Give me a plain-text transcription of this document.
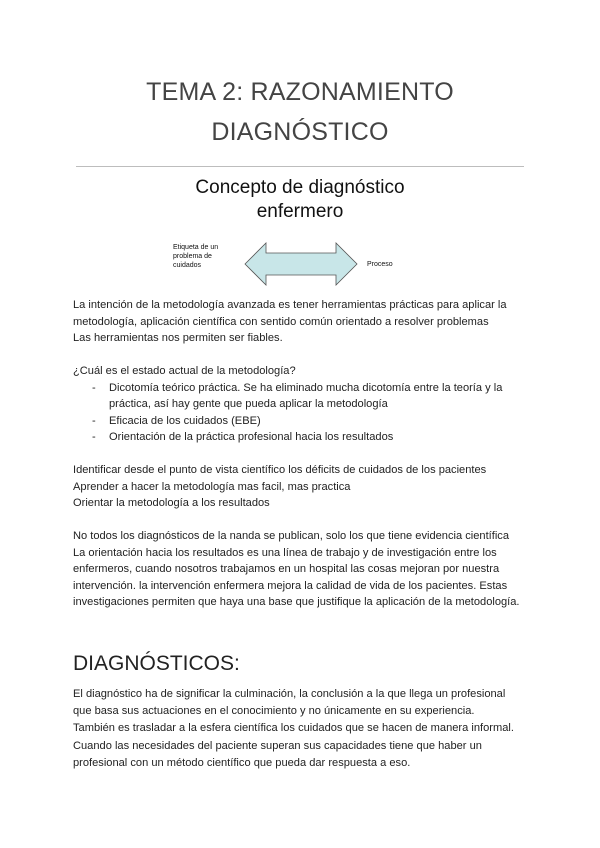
TEMA 2: RAZONAMIENTO
DIAGNÓSTICO
Concepto de diagnóstico
enfermero
Etiqueta de un
problema de
cuidados	Proceso

La intención de la metodología avanzada es tener herramientas prácticas para aplicar la

metodología, aplicación científica con sentido común orientado a resolver problemas

Las herramientas nos permiten ser fiables.

¿Cuál es el estado actual de la metodología?

- Dicotomía teórico práctica. Se ha eliminado mucha dicotomía entre la teoría y la
práctica, así hay gente que pueda aplicar la metodología
- Eficacia de los cuidados (EBE)
- Orientación de la práctica profesional hacia los resultados

Identificar desde el punto de vista científico los déficits de cuidados de los pacientes

Aprender a hacer la metodología mas facil, mas practica

Orientar la metodología a los resultados

No todos los diagnósticos de la nanda se publican, solo los que tiene evidencia científica

La orientación hacia los resultados es una línea de trabajo y de investigación entre los

enfermeros, cuando nosotros trabajamos en un hospital las cosas mejoran por nuestra

intervención. la intervención enfermera mejora la calidad de vida de los pacientes. Estas

investigaciones permiten que haya una base que justifique la aplicación de la metodología.

DIAGNÓSTICOS:

El diagnóstico ha de significar la culminación, la conclusión a la que llega un profesional

que basa sus actuaciones en el conocimiento y no únicamente en su experiencia.

También es trasladar a la esfera científica los cuidados que se hacen de manera informal.

Cuando las necesidades del paciente superan sus capacidades tiene que haber un

profesional con un método científico que pueda dar respuesta a eso.
